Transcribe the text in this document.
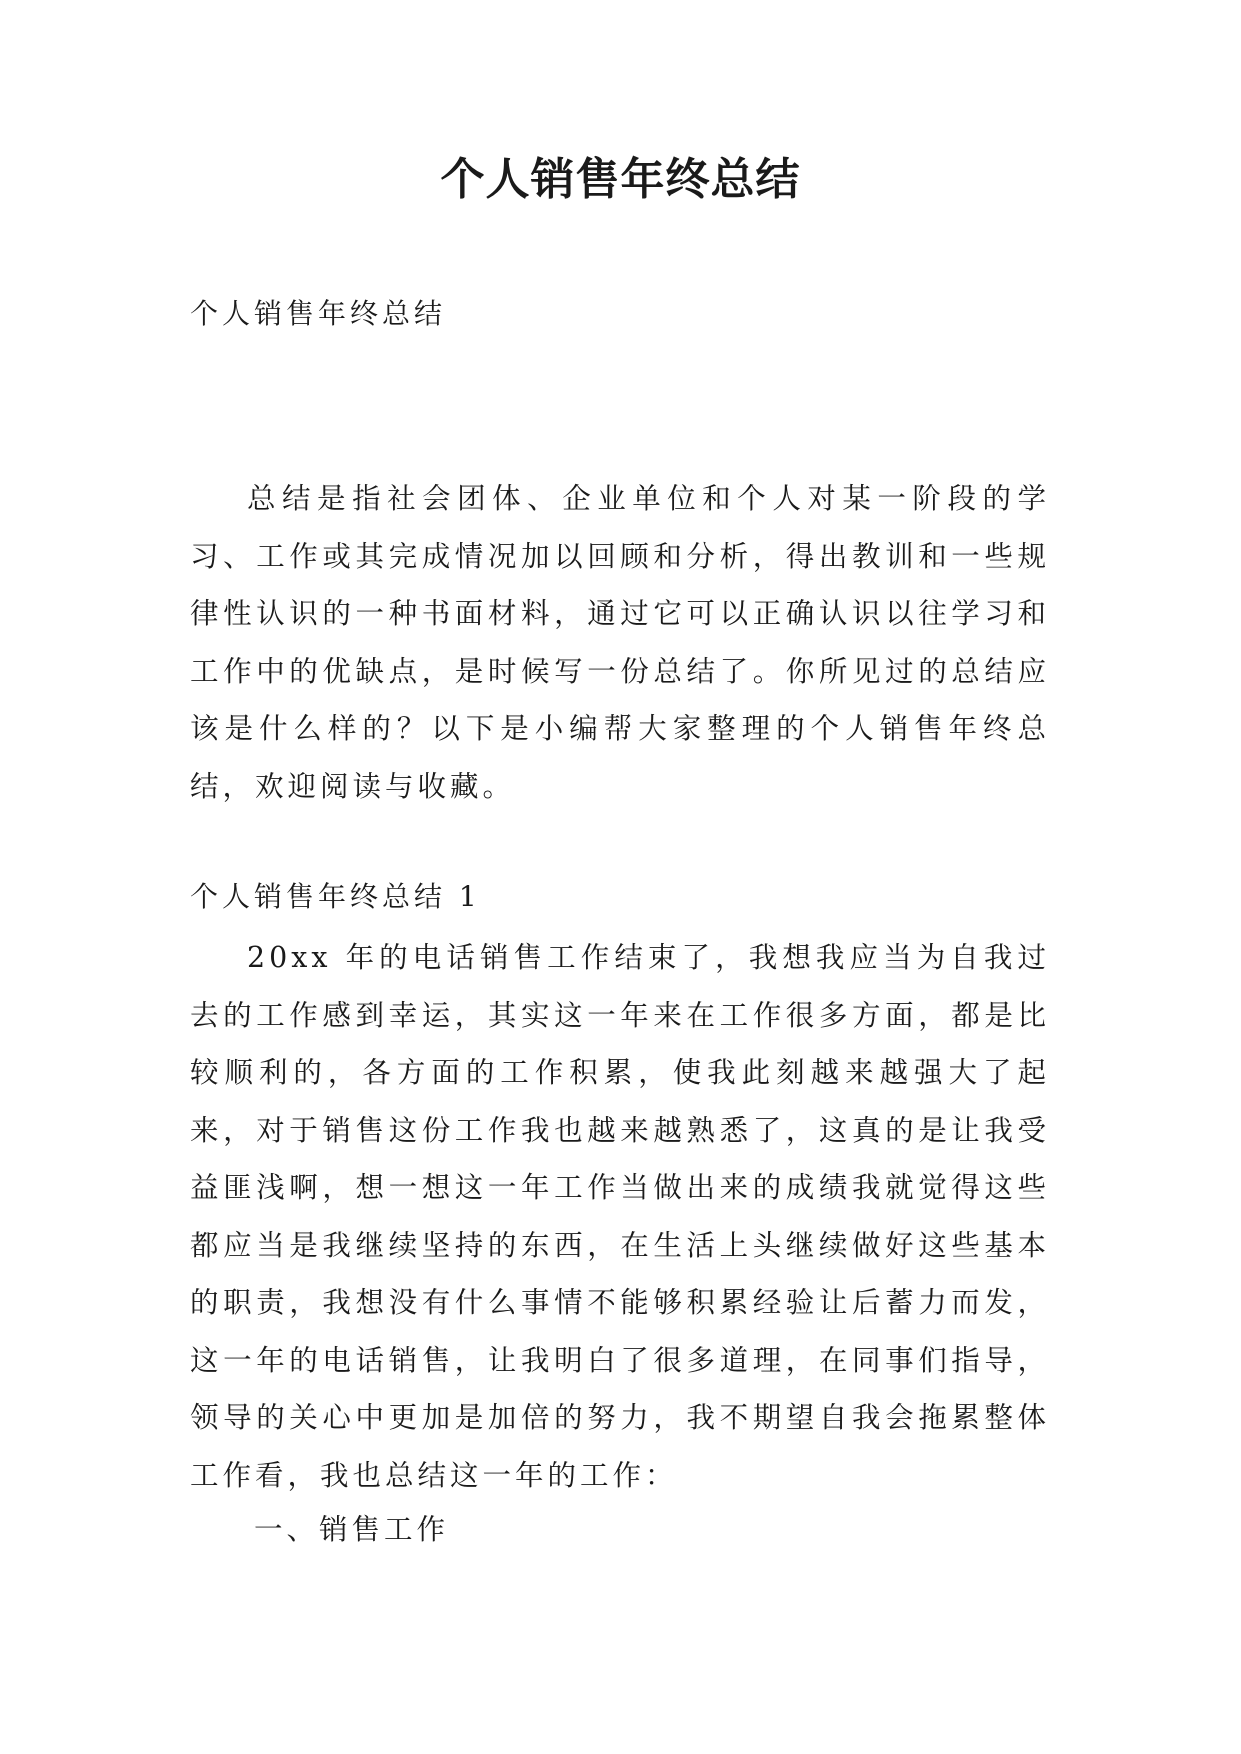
个人销售年终总结

个人销售年终总结

总结是指社会团体、企业单位和个人对某一阶段的学习、工作或其完成情况加以回顾和分析，得出教训和一些规律性认识的一种书面材料，通过它可以正确认识以往学习和工作中的优缺点，是时候写一份总结了。你所见过的总结应该是什么样的？以下是小编帮大家整理的个人销售年终总结，欢迎阅读与收藏。

个人销售年终总结 1

20xx 年的电话销售工作结束了，我想我应当为自我过去的工作感到幸运，其实这一年来在工作很多方面，都是比较顺利的，各方面的工作积累，使我此刻越来越强大了起来，对于销售这份工作我也越来越熟悉了，这真的是让我受益匪浅啊，想一想这一年工作当做出来的成绩我就觉得这些都应当是我继续坚持的东西，在生活上头继续做好这些基本的职责，我想没有什么事情不能够积累经验让后蓄力而发，这一年的电话销售，让我明白了很多道理，在同事们指导，领导的关心中更加是加倍的努力，我不期望自我会拖累整体工作看，我也总结这一年的工作：

一、销售工作
